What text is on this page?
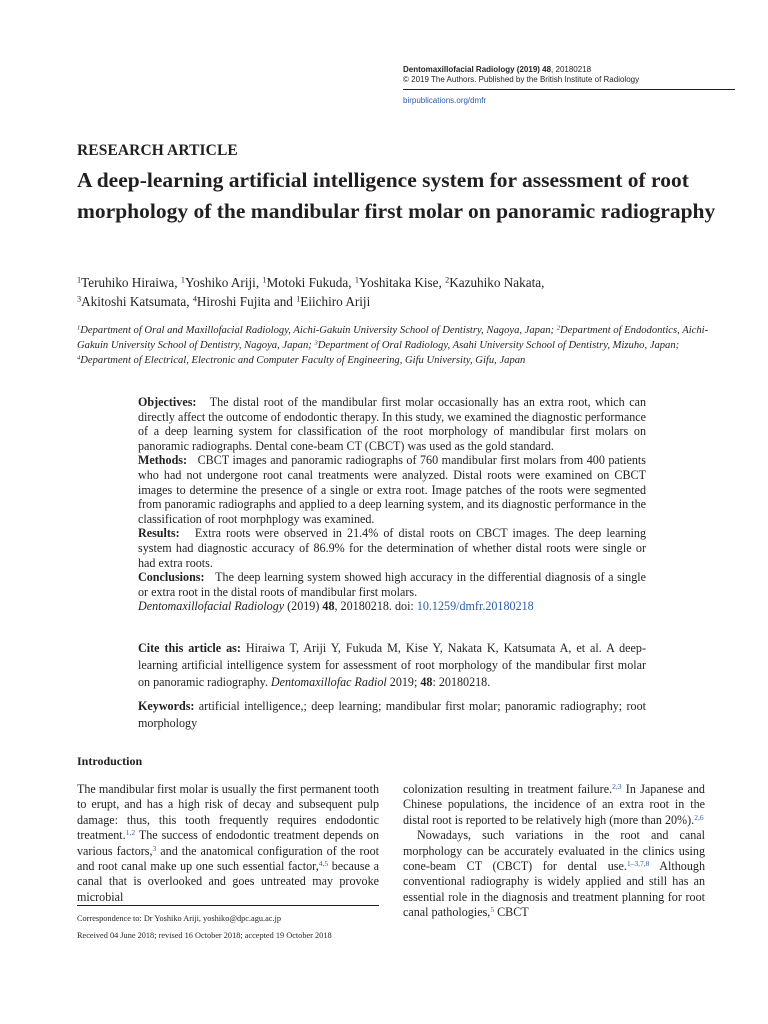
Dentomaxillofacial Radiology (2019) 48, 20180218
© 2019 The Authors. Published by the British Institute of Radiology
birpublications.org/dmfr
RESEARCH ARTICLE
A deep-learning artificial intelligence system for assessment of root morphology of the mandibular first molar on panoramic radiography
$^1$Teruhiko Hiraiwa, $^1$Yoshiko Ariji, $^1$Motoki Fukuda, $^1$Yoshitaka Kise, $^2$Kazuhiko Nakata,
$^3$Akitoshi Katsumata, $^4$Hiroshi Fujita and $^1$Eiichiro Ariji
$^1$Department of Oral and Maxillofacial Radiology, Aichi-Gakuin University School of Dentistry, Nagoya, Japan; $^2$Department of Endodontics, Aichi-Gakuin University School of Dentistry, Nagoya, Japan; $^3$Department of Oral Radiology, Asahi University School of Dentistry, Mizuho, Japan; $^4$Department of Electrical, Electronic and Computer Faculty of Engineering, Gifu University, Gifu, Japan

Objectives: The distal root of the mandibular first molar occasionally has an extra root, which can directly affect the outcome of endodontic therapy. In this study, we examined the diagnostic performance of a deep learning system for classification of the root morphology of mandibular first molars on panoramic radiographs. Dental cone-beam CT (CBCT) was used as the gold standard.

Methods: CBCT images and panoramic radiographs of 760 mandibular first molars from 400 patients who had not undergone root canal treatments were analyzed. Distal roots were examined on CBCT images to determine the presence of a single or extra root. Image patches of the roots were segmented from panoramic radiographs and applied to a deep learning system, and its diagnostic performance in the classification of root morphplogy was examined.

Results: Extra roots were observed in 21.4% of distal roots on CBCT images. The deep learning system had diagnostic accuracy of 86.9% for the determination of whether distal roots were single or had extra roots.

Conclusions: The deep learning system showed high accuracy in the differential diagnosis of a single or extra root in the distal roots of mandibular first molars.

Dentomaxillofacial Radiology (2019) 48, 20180218. doi: 10.1259/dmfr.20180218

Cite this article as: Hiraiwa T, Ariji Y, Fukuda M, Kise Y, Nakata K, Katsumata A, et al. A deep-learning artificial intelligence system for assessment of root morphology of the mandibular first molar on panoramic radiography. Dentomaxillofac Radiol 2019; 48: 20180218.

Keywords: artificial intelligence,; deep learning; mandibular first molar; panoramic radiography; root morphology

Introduction

The mandibular first molar is usually the first permanent tooth to erupt, and has a high risk of decay and subsequent pulp damage: thus, this tooth frequently requires endodontic treatment.$^{1,2}$ The success of endodontic treatment depends on various factors,$^3$ and the anatomical configuration of the root and root canal make up one such essential factor,$^{4,5}$ because a canal that is overlooked and goes untreated may provoke microbial

colonization resulting in treatment failure.$^{2,3}$ In Japanese and Chinese populations, the incidence of an extra root in the distal root is reported to be relatively high (more than 20%).$^{2,6}$

Nowadays, such variations in the root and canal morphology can be accurately evaluated in the clinics using cone-beam CT (CBCT) for dental use.$^{1-3,7,8}$ Although conventional radiography is widely applied and still has an essential role in the diagnosis and treatment planning for root canal pathologies,$^5$ CBCT

Correspondence to: Dr Yoshiko Ariji, yoshiko@dpc.agu.ac.jp
Received 04 June 2018; revised 16 October 2018; accepted 19 October 2018
